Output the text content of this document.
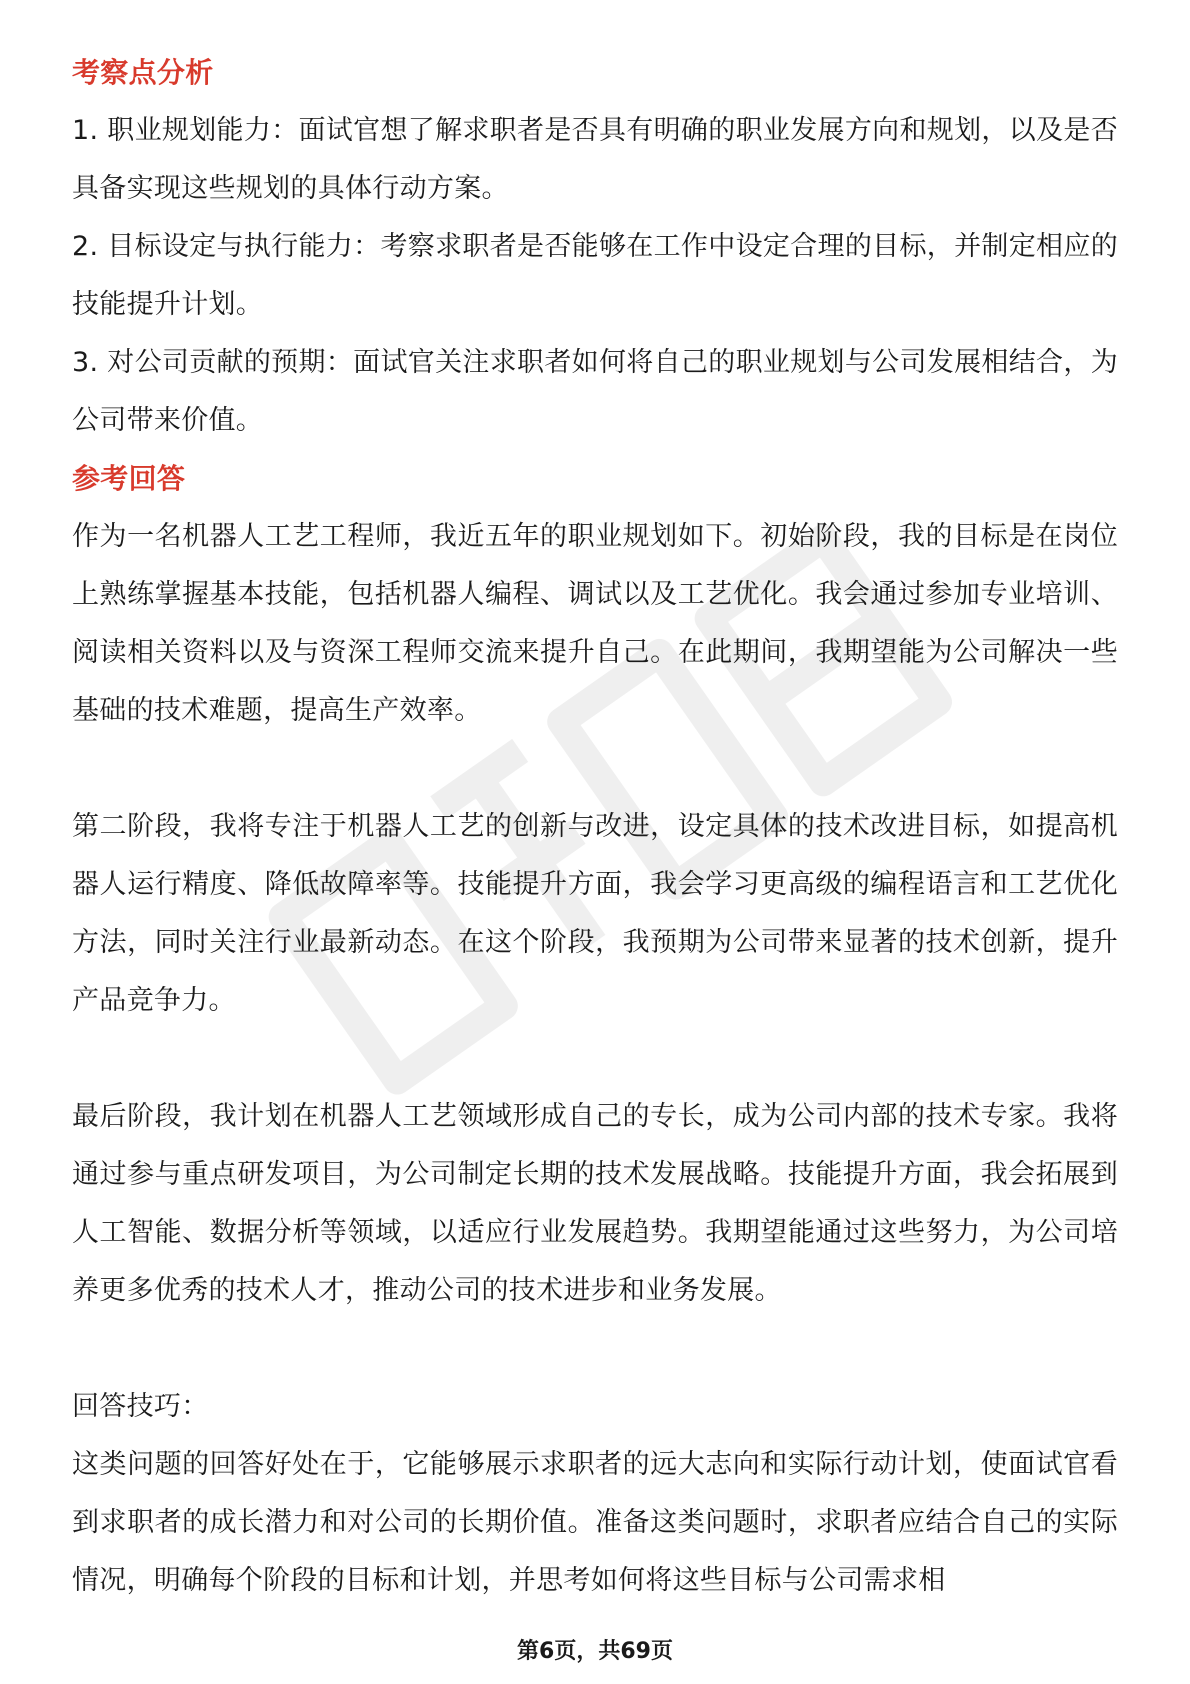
考察点分析

1. 职业规划能力：面试官想了解求职者是否具有明确的职业发展方向和规划，以及是否具备实现这些规划的具体行动方案。

2. 目标设定与执行能力：考察求职者是否能够在工作中设定合理的目标，并制定相应的技能提升计划。

3. 对公司贡献的预期：面试官关注求职者如何将自己的职业规划与公司发展相结合，为公司带来价值。

参考回答

作为一名机器人工艺工程师，我近五年的职业规划如下。初始阶段，我的目标是在岗位上熟练掌握基本技能，包括机器人编程、调试以及工艺优化。我会通过参加专业培训、阅读相关资料以及与资深工程师交流来提升自己。在此期间，我期望能为公司解决一些基础的技术难题，提高生产效率。

第二阶段，我将专注于机器人工艺的创新与改进，设定具体的技术改进目标，如提高机器人运行精度、降低故障率等。技能提升方面，我会学习更高级的编程语言和工艺优化方法，同时关注行业最新动态。在这个阶段，我预期为公司带来显著的技术创新，提升产品竞争力。

最后阶段，我计划在机器人工艺领域形成自己的专长，成为公司内部的技术专家。我将通过参与重点研发项目，为公司制定长期的技术发展战略。技能提升方面，我会拓展到人工智能、数据分析等领域，以适应行业发展趋势。我期望能通过这些努力，为公司培养更多优秀的技术人才，推动公司的技术进步和业务发展。

回答技巧：

这类问题的回答好处在于，它能够展示求职者的远大志向和实际行动计划，使面试官看到求职者的成长潜力和对公司的长期价值。准备这类问题时，求职者应结合自己的实际情况，明确每个阶段的目标和计划，并思考如何将这些目标与公司需求相

第6页，共69页
